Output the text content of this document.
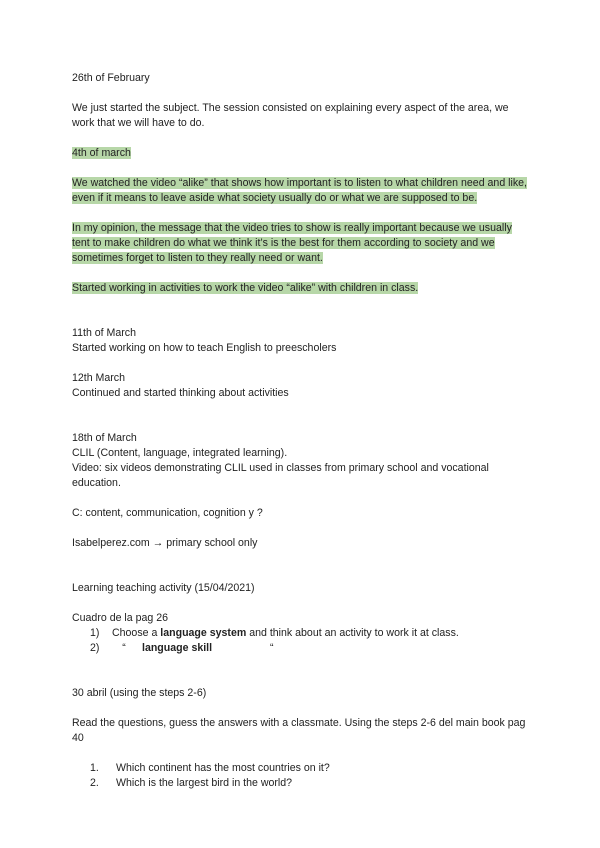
26th of February

We just started the subject. The session consisted on explaining every aspect of the area, we work that we will have to do.

4th of march

We watched the video “alike” that shows how important is to listen to what children need and like, even if it means to leave aside what society usually do or what we are supposed to be.

In my opinion, the message that the video tries to show is really important because we usually tent to make children do what we think it’s is the best for them according to society and we sometimes forget to listen to they really need or want.

Started working in activities to work the video “alike” with children in class.

11th of March

Started working on how to teach English to preescholers

12th March

Continued and started thinking about activities

18th of March

CLIL (Content, language, integrated learning).

Video: six videos demonstrating CLIL used in classes from primary school and vocational education.

C: content, communication, cognition y ?

Isabelperez.com → primary school only

Learning teaching activity (15/04/2021)

Cuadro de la pag 26

1)	Choose a language system and think about an activity to work it at class.
2)	“ language skill	“

30 abril (using the steps 2-6)

Read the questions, guess the answers with a classmate. Using the steps 2-6 del main book pag 40

1.	Which continent has the most countries on it?
2.	Which is the largest bird in the world?
